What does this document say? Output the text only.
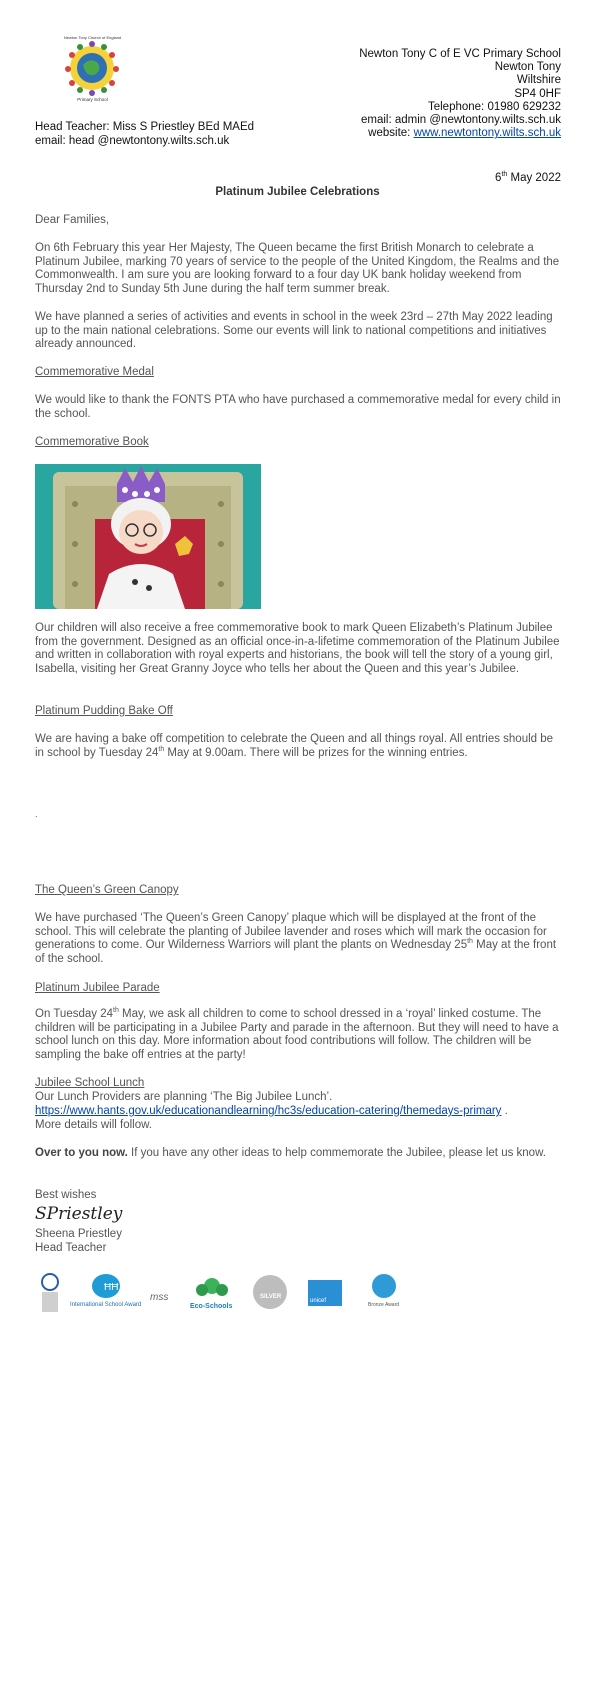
Newton Tony Church of England
Primary School
Head Teacher: Miss S Priestley BEd MAEd
email: head @newtontony.wilts.sch.uk
Newton Tony C of E VC Primary School
Newton Tony
Wiltshire
SP4 0HF
Telephone: 01980 629232
email: admin @newtontony.wilts.sch.uk
website: www.newtontony.wilts.sch.uk
6th May 2022
Platinum Jubilee Celebrations
Dear Families,
On 6th February this year Her Majesty, The Queen became the first British Monarch to celebrate a Platinum Jubilee, marking 70 years of service to the people of the United Kingdom, the Realms and the Commonwealth. I am sure you are looking forward to a four day UK bank holiday weekend from Thursday 2nd to Sunday 5th June during the half term summer break.
We have planned a series of activities and events in school in the week 23rd – 27th May 2022 leading up to the main national celebrations. Some our events will link to national competitions and initiatives already announced.
Commemorative Medal
We would like to thank the FONTS PTA who have purchased a commemorative medal for every child in the school.
Commemorative Book
Our children will also receive a free commemorative book to mark Queen Elizabeth’s Platinum Jubilee from the government. Designed as an official once-in-a-lifetime commemoration of the Platinum Jubilee and written in collaboration with royal experts and historians, the book will tell the story of a young girl, Isabella, visiting her Great Granny Joyce who tells her about the Queen and this year’s Jubilee.
Platinum Pudding Bake Off
We are having a bake off competition to celebrate the Queen and all things royal. All entries should be in school by Tuesday 24th May at 9.00am. There will be prizes for the winning entries.
.
The Queen’s Green Canopy
We have purchased ‘The Queen’s Green Canopy’ plaque which will be displayed at the front of the school. This will celebrate the planting of Jubilee lavender and roses which will mark the occasion for generations to come. Our Wilderness Warriors will plant the plants on Wednesday 25th May at the front of the school.
Platinum Jubilee Parade
On Tuesday 24th May, we ask all children to come to school dressed in a ‘royal’ linked costume. The children will be participating in a Jubilee Party and parade in the afternoon. But they will need to have a school lunch on this day. More information about food contributions will follow. The children will be sampling the bake off entries at the party!
Jubilee School Lunch
Our Lunch Providers are planning ‘The Big Jubilee Lunch’.
https://www.hants.gov.uk/educationandlearning/hc3s/education-catering/themedays-primary .
More details will follow.
Over to you now. If you have any other ideas to help commemorate the Jubilee, please let us know.
Best wishes
SPriestley
Sheena Priestley
Head Teacher
ĦĦ
International School Award
mss
Eco-Schools
SILVER
unicef
Bronze Award
